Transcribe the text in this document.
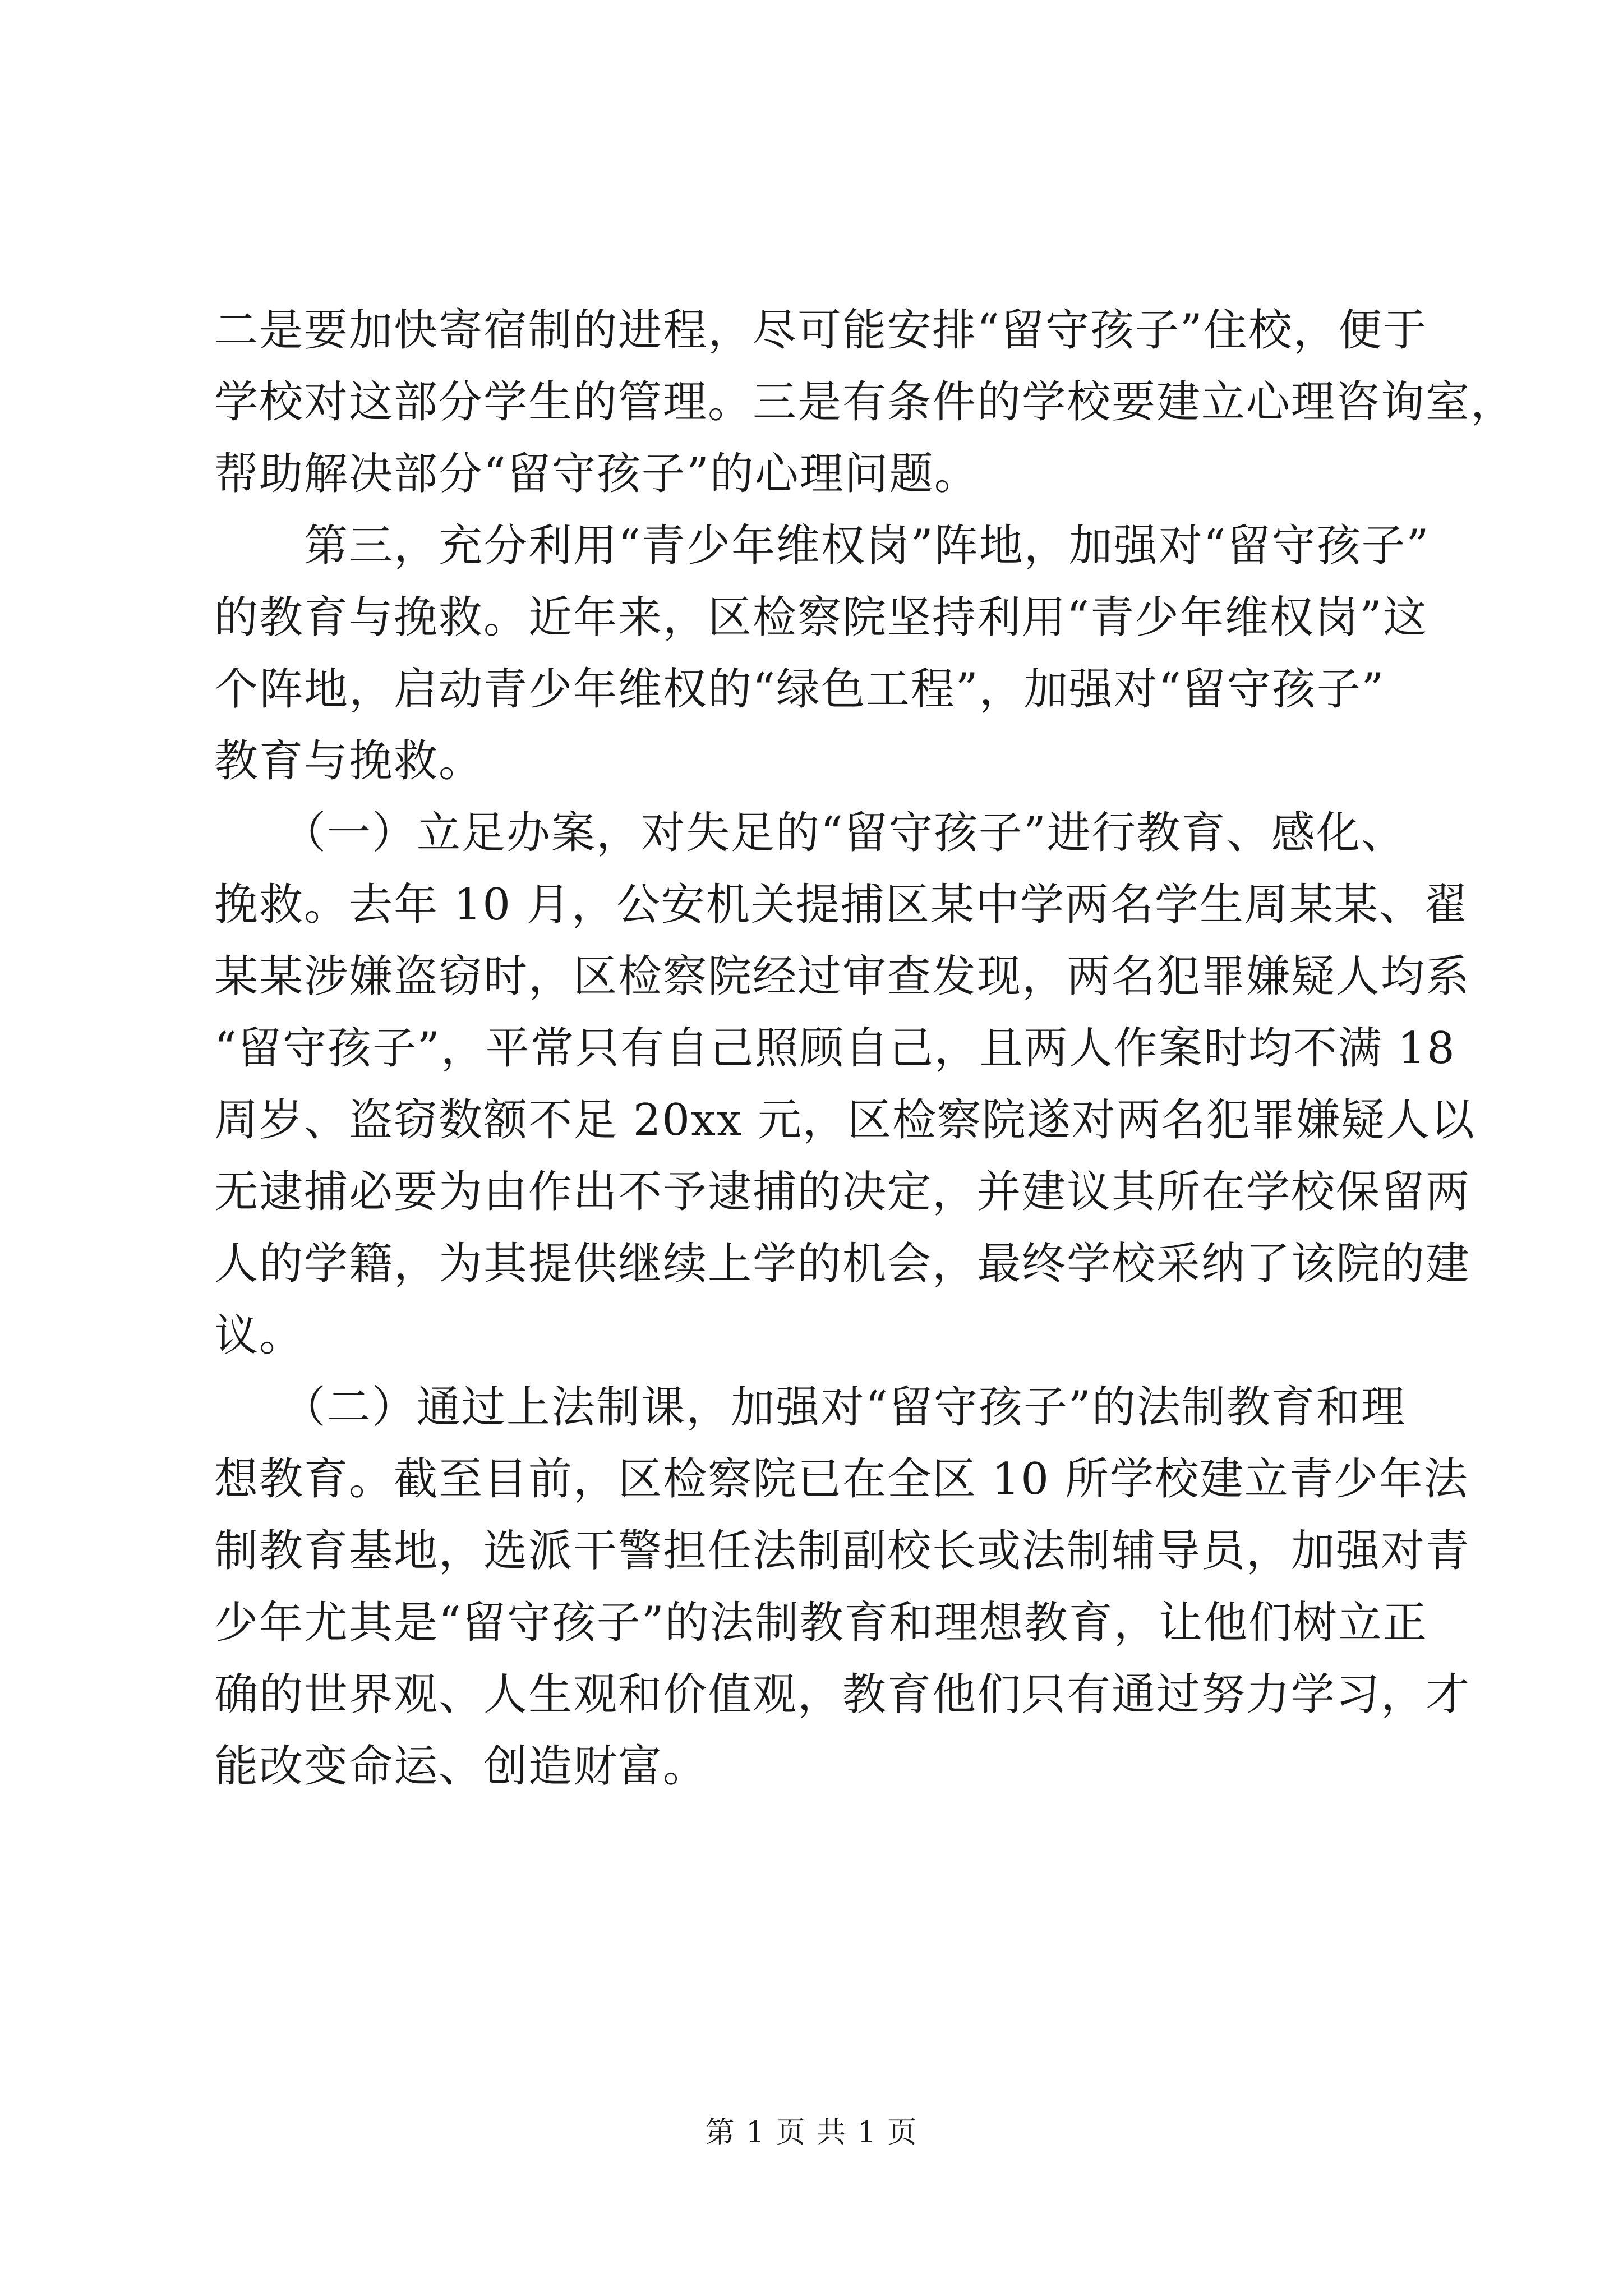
二是要加快寄宿制的进程，尽可能安排“留守孩子”住校，便于

学校对这部分学生的管理。三是有条件的学校要建立心理咨询室，

帮助解决部分“留守孩子”的心理问题。

　　第三，充分利用“青少年维权岗”阵地，加强对“留守孩子”

的教育与挽救。近年来，区检察院坚持利用“青少年维权岗”这

个阵地，启动青少年维权的“绿色工程”，加强对“留守孩子”

教育与挽救。

　　（一）立足办案，对失足的“留守孩子”进行教育、感化、

挽救。去年 10 月，公安机关提捕区某中学两名学生周某某、翟

某某涉嫌盗窃时，区检察院经过审查发现，两名犯罪嫌疑人均系

“留守孩子”，平常只有自己照顾自己，且两人作案时均不满 18

周岁、盗窃数额不足 20xx 元，区检察院遂对两名犯罪嫌疑人以

无逮捕必要为由作出不予逮捕的决定，并建议其所在学校保留两

人的学籍，为其提供继续上学的机会，最终学校采纳了该院的建

议。

　　（二）通过上法制课，加强对“留守孩子”的法制教育和理

想教育。截至目前，区检察院已在全区 10 所学校建立青少年法

制教育基地，选派干警担任法制副校长或法制辅导员，加强对青

少年尤其是“留守孩子”的法制教育和理想教育，让他们树立正

确的世界观、人生观和价值观，教育他们只有通过努力学习，才

能改变命运、创造财富。

第 1 页 共 1 页
